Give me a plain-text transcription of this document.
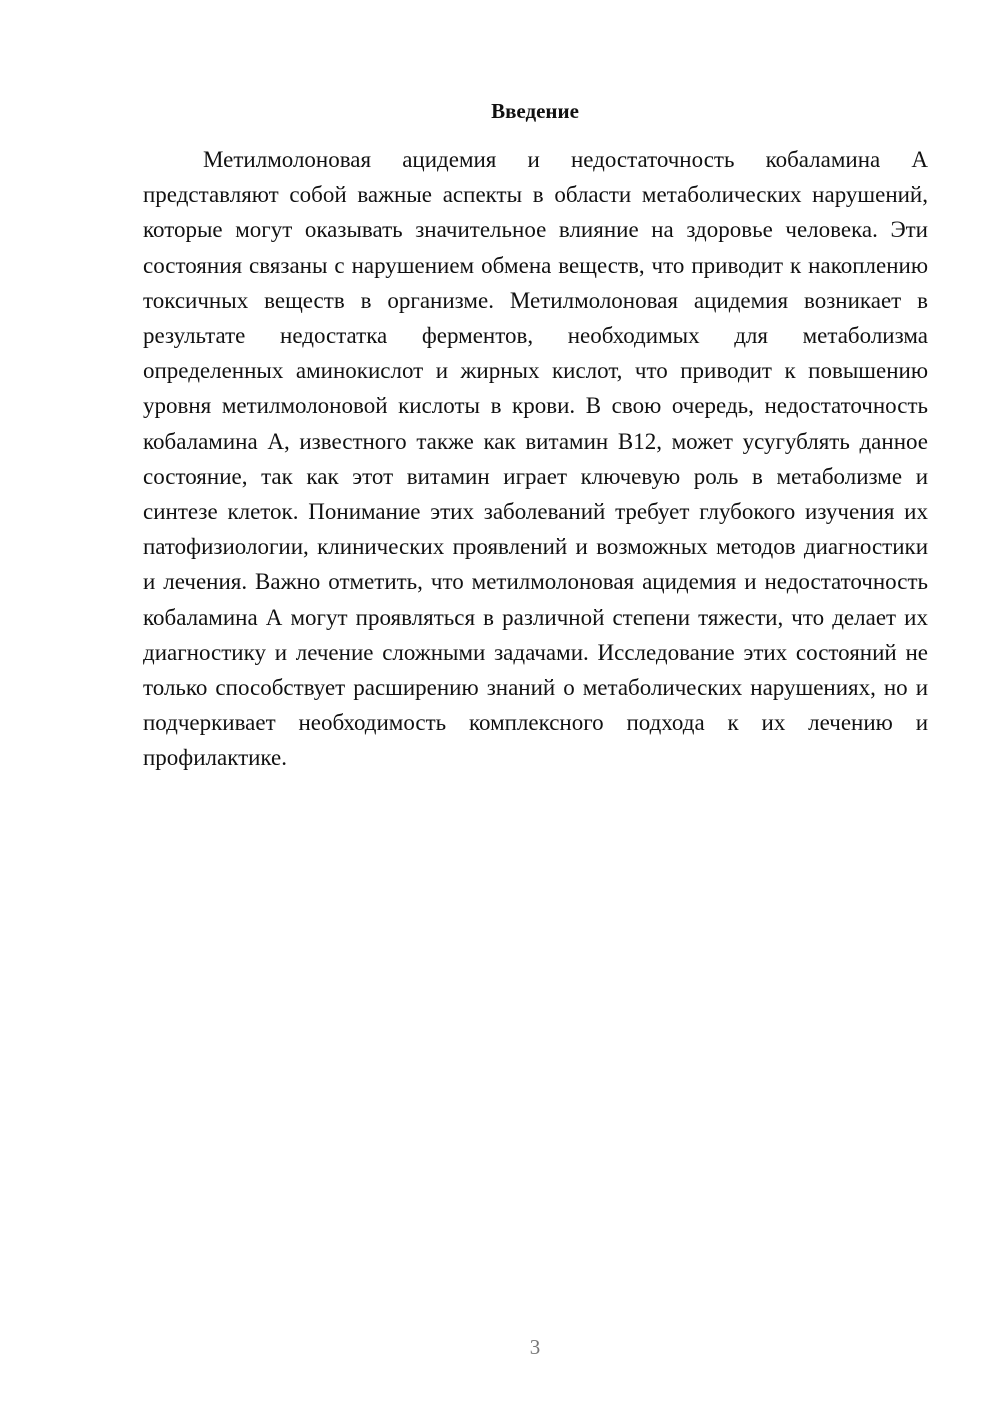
Введение

Метилмолоновая ацидемия и недостаточность кобаламина А представляют собой важные аспекты в области метаболических нарушений, которые могут оказывать значительное влияние на здоровье человека. Эти состояния связаны с нарушением обмена веществ, что приводит к накоплению токсичных веществ в организме. Метилмолоновая ацидемия возникает в результате недостатка ферментов, необходимых для метаболизма определенных аминокислот и жирных кислот, что приводит к повышению уровня метилмолоновой кислоты в крови. В свою очередь, недостаточность кобаламина А, известного также как витамин B12, может усугублять данное состояние, так как этот витамин играет ключевую роль в метаболизме и синтезе клеток. Понимание этих заболеваний требует глубокого изучения их патофизиологии, клинических проявлений и возможных методов диагностики и лечения. Важно отметить, что метилмолоновая ацидемия и недостаточность кобаламина А могут проявляться в различной степени тяжести, что делает их диагностику и лечение сложными задачами. Исследование этих состояний не только способствует расширению знаний о метаболических нарушениях, но и подчеркивает необходимость комплексного подхода к их лечению и профилактике.

3
